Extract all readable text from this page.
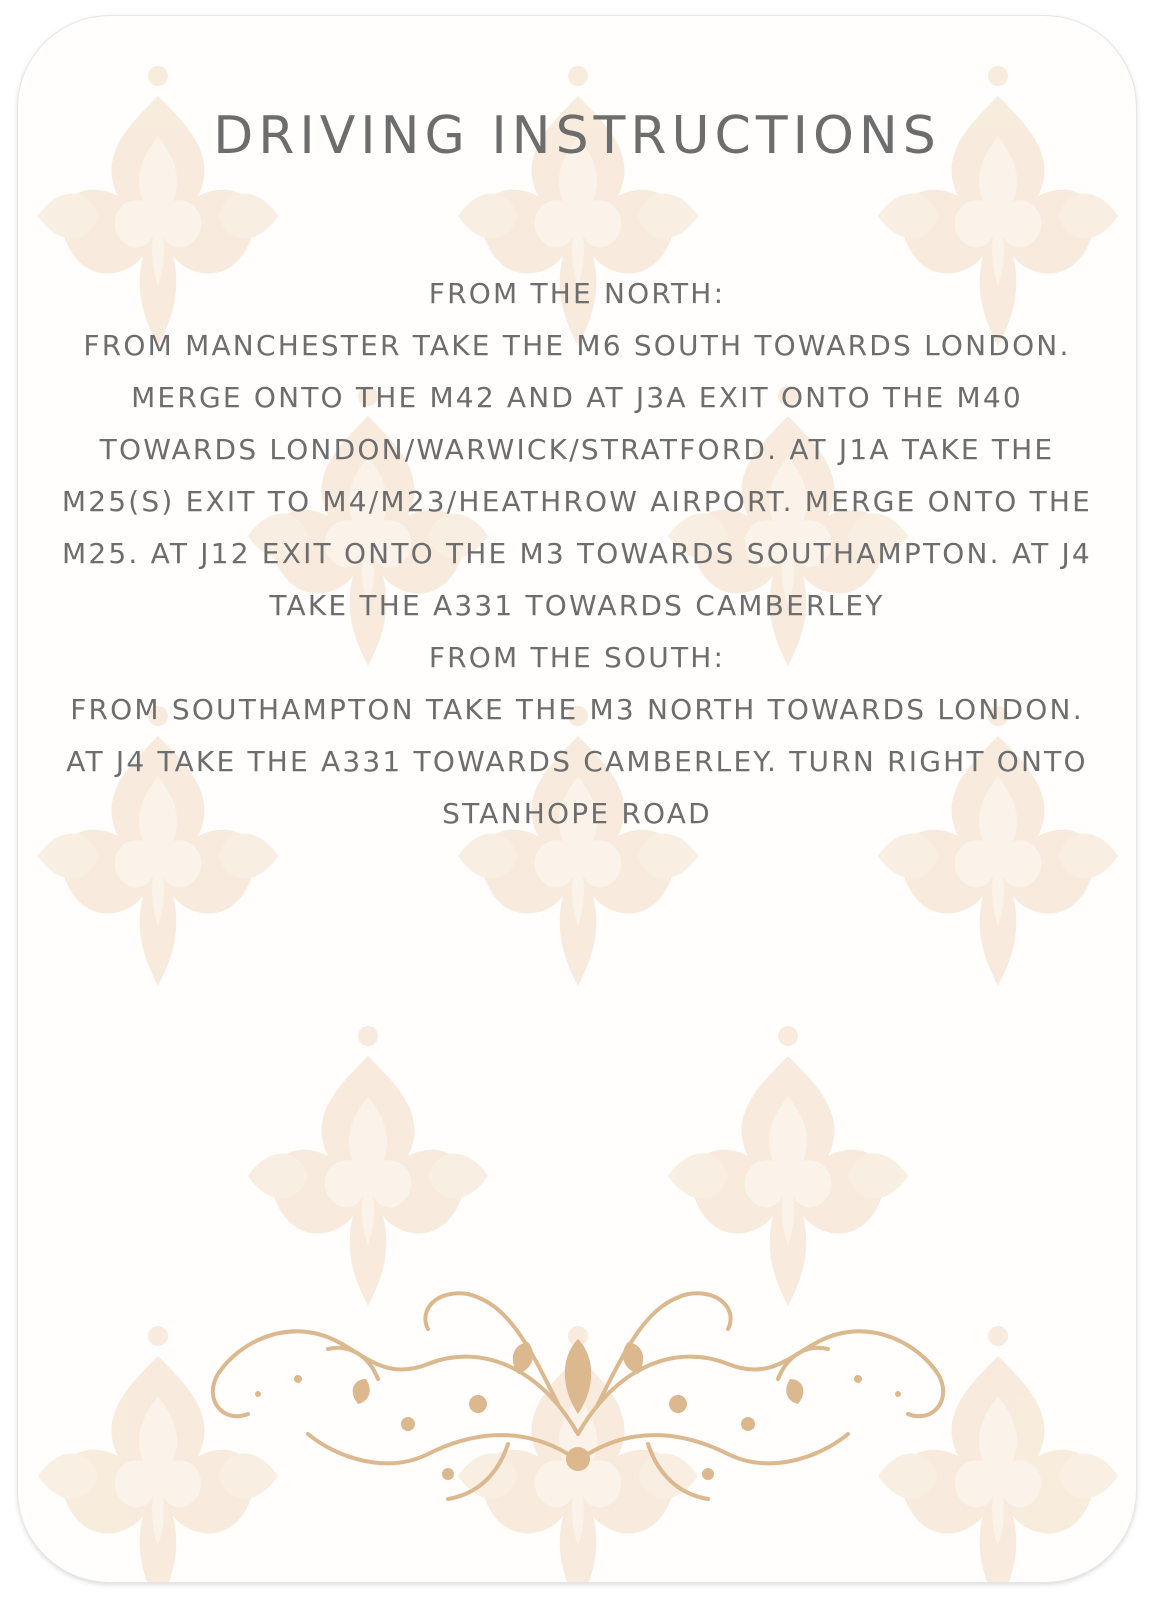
DRIVING INSTRUCTIONS

FROM THE NORTH:

FROM MANCHESTER TAKE THE M6 SOUTH TOWARDS LONDON. MERGE ONTO THE M42 AND AT J3A EXIT ONTO THE M40 TOWARDS LONDON/WARWICK/STRATFORD. AT J1A TAKE THE M25(S) EXIT TO M4/M23/HEATHROW AIRPORT. MERGE ONTO THE M25. AT J12 EXIT ONTO THE M3 TOWARDS SOUTHAMPTON. AT J4 TAKE THE A331 TOWARDS CAMBERLEY

FROM THE SOUTH:

FROM SOUTHAMPTON TAKE THE M3 NORTH TOWARDS LONDON. AT J4 TAKE THE A331 TOWARDS CAMBERLEY. TURN RIGHT ONTO STANHOPE ROAD
